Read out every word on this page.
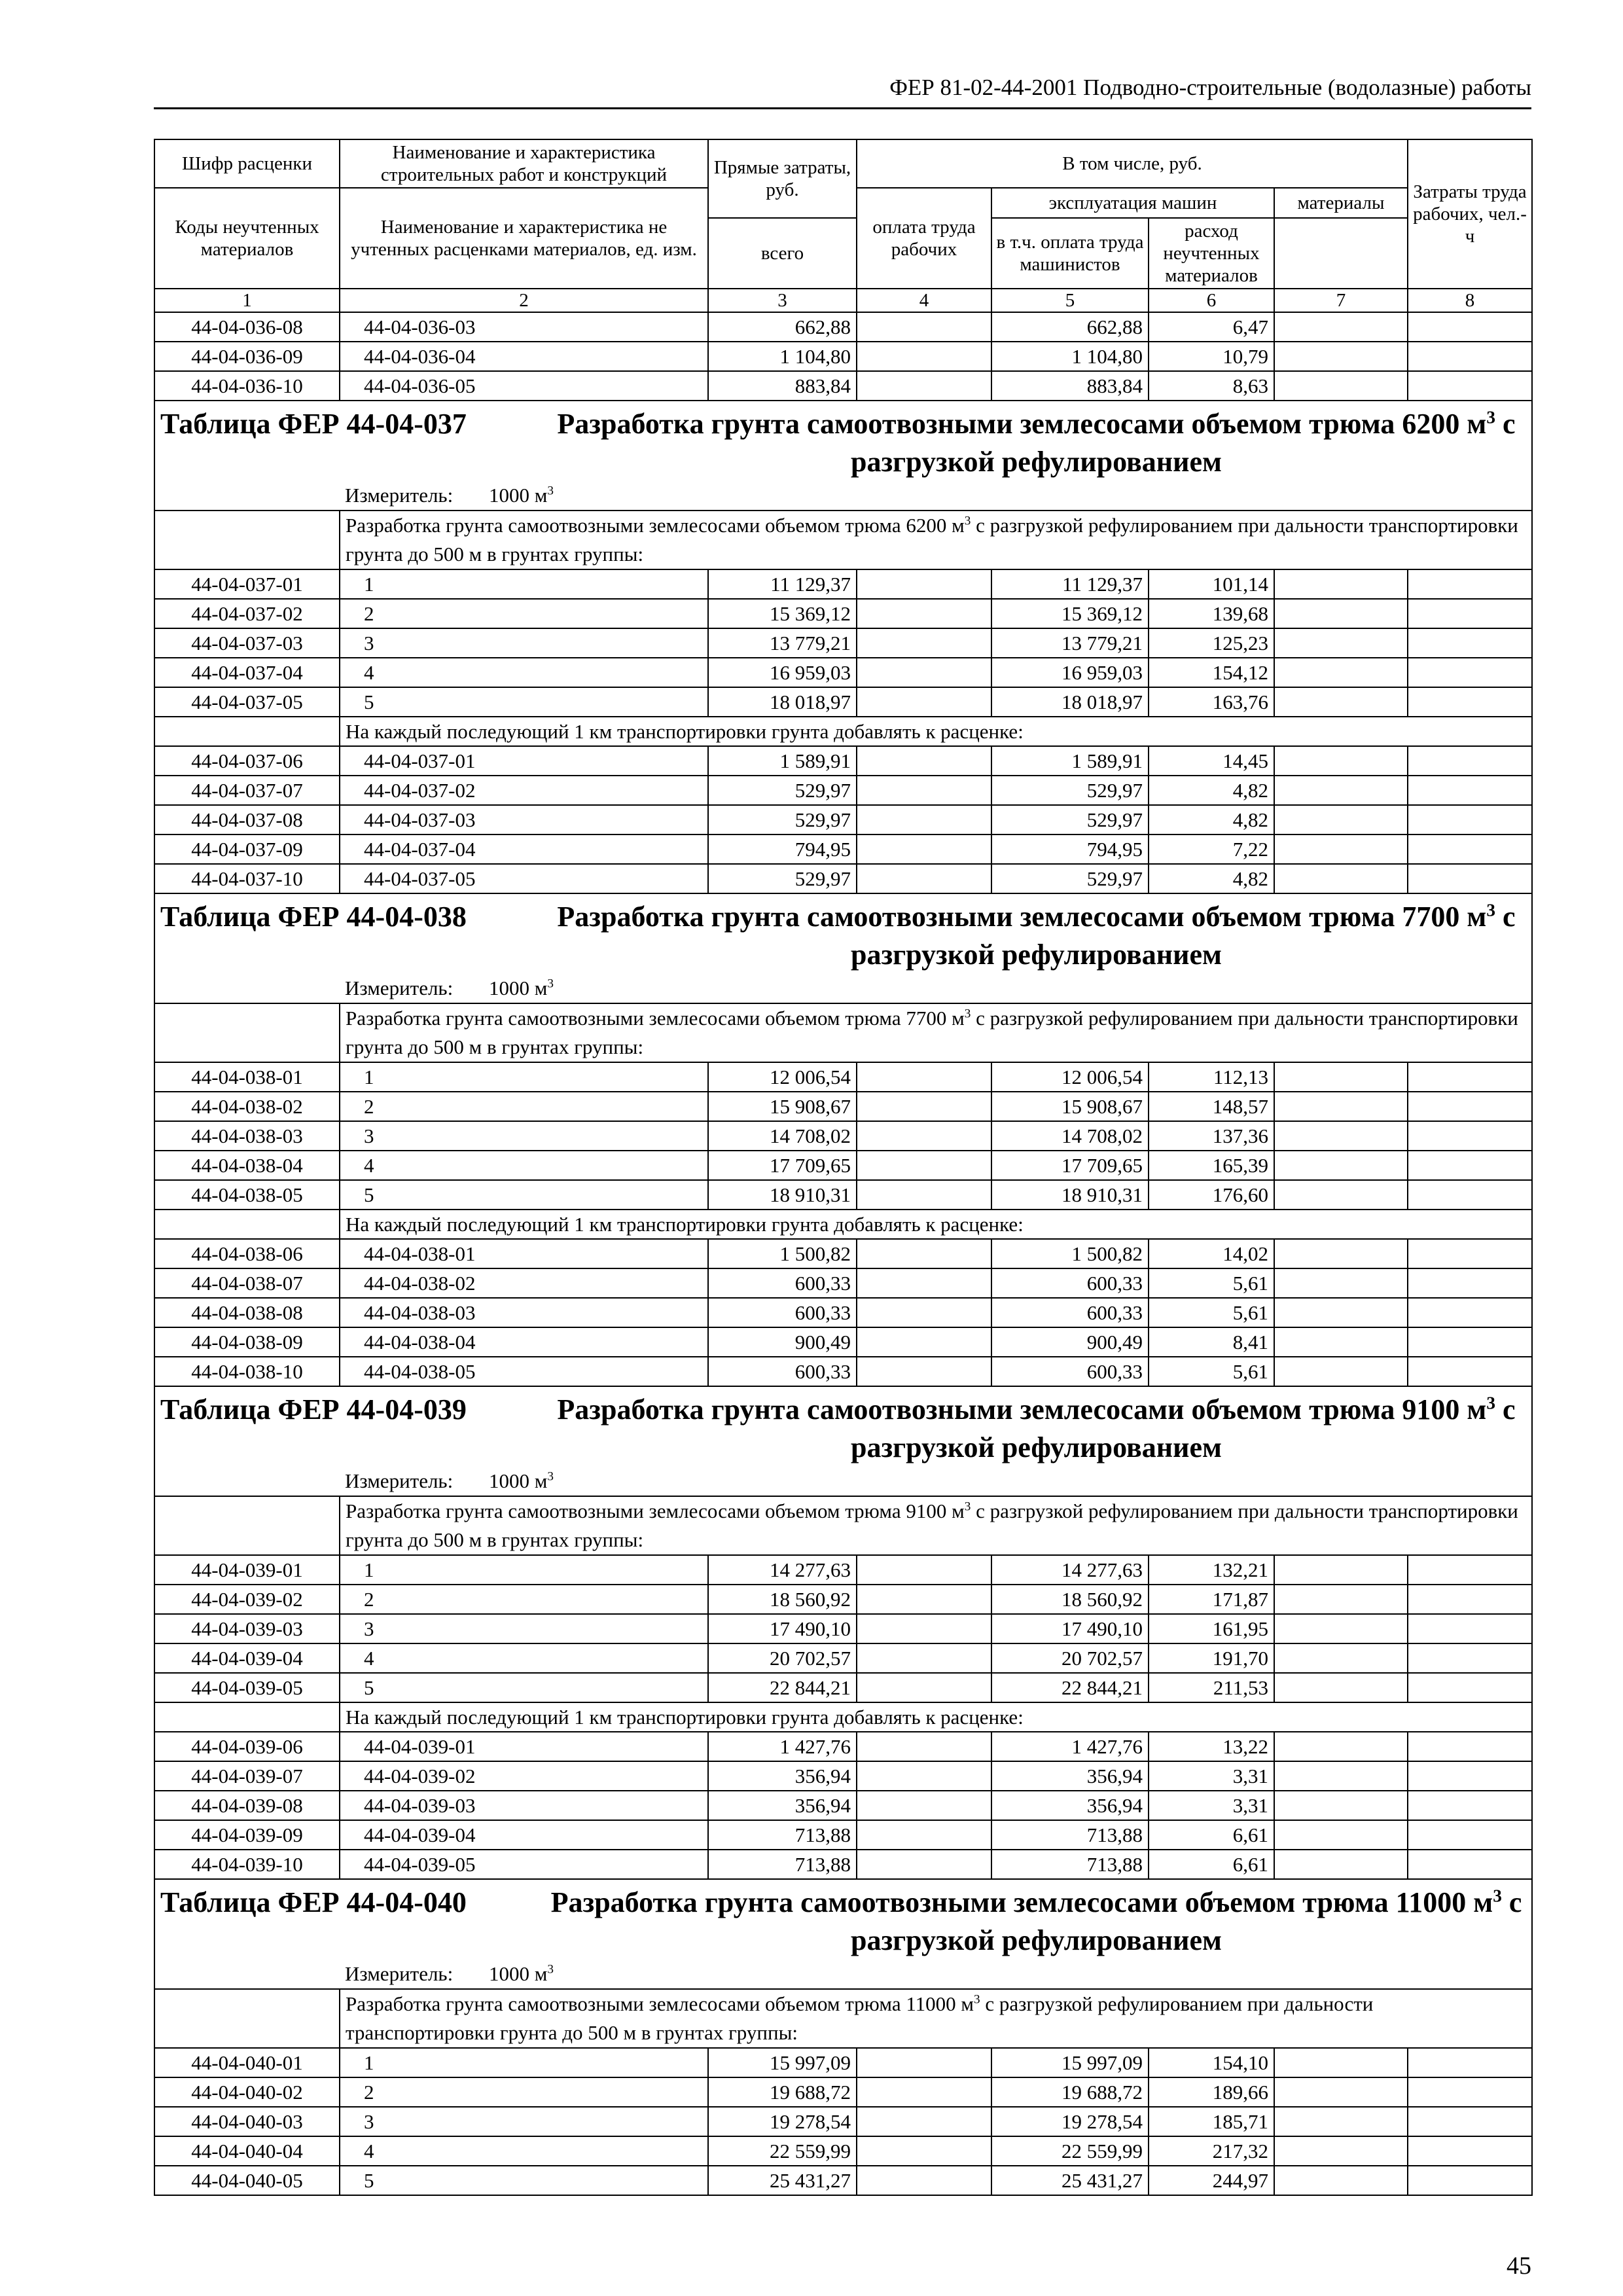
ФЕР 81-02-44-2001 Подводно-строительные (водолазные) работы
Шифр расценки	Наименование и характеристика строительных работ и конструкций	Прямые затраты, руб.	В том числе, руб.				Затраты труда рабочих, чел.-ч
Коды неучтенных материалов	Наименование и характеристика не учтенных расценками материалов, ед. изм.						
			оплата труда рабочих	эксплуатация машин		материалы	
		всего		в т.ч. оплата труда машинистов	расход неучтенных материалов		
1	2	3	4	5	6	7	8
44-04-036-08	44-04-036-03	662,88		662,88	6,47		
44-04-036-09	44-04-036-04	1 104,80		1 104,80	10,79		
44-04-036-10	44-04-036-05	883,84		883,84	8,63		

Таблица ФЕР 44-04-037 Разработка грунта самоотвозными землесосами объемом трюма 6200 $м^3$ с разгрузкой рефулированием							

	Измеритель: 1000 $м^3$
	Разработка грунта самоотвозными землесосами объемом трюма 6200 $м^3$ с разгрузкой рефулированием при дальности транспортировки грунта до 500 м в грунтах группы:						
44-04-037-01	1	11 129,37		11 129,37	101,14		
44-04-037-02	2	15 369,12		15 369,12	139,68		
44-04-037-03	3	13 779,21		13 779,21	125,23		
44-04-037-04	4	16 959,03		16 959,03	154,12		
44-04-037-05	5	18 018,97		18 018,97	163,76		
	На каждый последующий 1 км транспортировки грунта добавлять к расценке:						
44-04-037-06	44-04-037-01	1 589,91		1 589,91	14,45		
44-04-037-07	44-04-037-02	529,97		529,97	4,82		
44-04-037-08	44-04-037-03	529,97		529,97	4,82		
44-04-037-09	44-04-037-04	794,95		794,95	7,22		
44-04-037-10	44-04-037-05	529,97		529,97	4,82		

Таблица ФЕР 44-04-038 Разработка грунта самоотвозными землесосами объемом трюма 7700 $м^3$ с разгрузкой рефулированием							

	Измеритель: 1000 $м^3$
	Разработка грунта самоотвозными землесосами объемом трюма 7700 $м^3$ с разгрузкой рефулированием при дальности транспортировки грунта до 500 м в грунтах группы:						
44-04-038-01	1	12 006,54		12 006,54	112,13		
44-04-038-02	2	15 908,67		15 908,67	148,57		
44-04-038-03	3	14 708,02		14 708,02	137,36		
44-04-038-04	4	17 709,65		17 709,65	165,39		
44-04-038-05	5	18 910,31		18 910,31	176,60		
	На каждый последующий 1 км транспортировки грунта добавлять к расценке:						
44-04-038-06	44-04-038-01	1 500,82		1 500,82	14,02		
44-04-038-07	44-04-038-02	600,33		600,33	5,61		
44-04-038-08	44-04-038-03	600,33		600,33	5,61		
44-04-038-09	44-04-038-04	900,49		900,49	8,41		
44-04-038-10	44-04-038-05	600,33		600,33	5,61		

Таблица ФЕР 44-04-039 Разработка грунта самоотвозными землесосами объемом трюма 9100 $м^3$ с разгрузкой рефулированием							

	Измеритель: 1000 $м^3$
	Разработка грунта самоотвозными землесосами объемом трюма 9100 $м^3$ с разгрузкой рефулированием при дальности транспортировки грунта до 500 м в грунтах группы:						
44-04-039-01	1	14 277,63		14 277,63	132,21		
44-04-039-02	2	18 560,92		18 560,92	171,87		
44-04-039-03	3	17 490,10		17 490,10	161,95		
44-04-039-04	4	20 702,57		20 702,57	191,70		
44-04-039-05	5	22 844,21		22 844,21	211,53		
	На каждый последующий 1 км транспортировки грунта добавлять к расценке:						
44-04-039-06	44-04-039-01	1 427,76		1 427,76	13,22		
44-04-039-07	44-04-039-02	356,94		356,94	3,31		
44-04-039-08	44-04-039-03	356,94		356,94	3,31		
44-04-039-09	44-04-039-04	713,88		713,88	6,61		
44-04-039-10	44-04-039-05	713,88		713,88	6,61		

Таблица ФЕР 44-04-040 Разработка грунта самоотвозными землесосами объемом трюма 11000 $м^3$ с разгрузкой рефулированием							

	Измеритель: 1000 $м^3$
	Разработка грунта самоотвозными землесосами объемом трюма 11000 $м^3$ с разгрузкой рефулированием при дальности транспортировки грунта до 500 м в грунтах группы:						
44-04-040-01	1	15 997,09		15 997,09	154,10		
44-04-040-02	2	19 688,72		19 688,72	189,66		
44-04-040-03	3	19 278,54		19 278,54	185,71		
44-04-040-04	4	22 559,99		22 559,99	217,32		
44-04-040-05	5	25 431,27		25 431,27	244,97		
45
